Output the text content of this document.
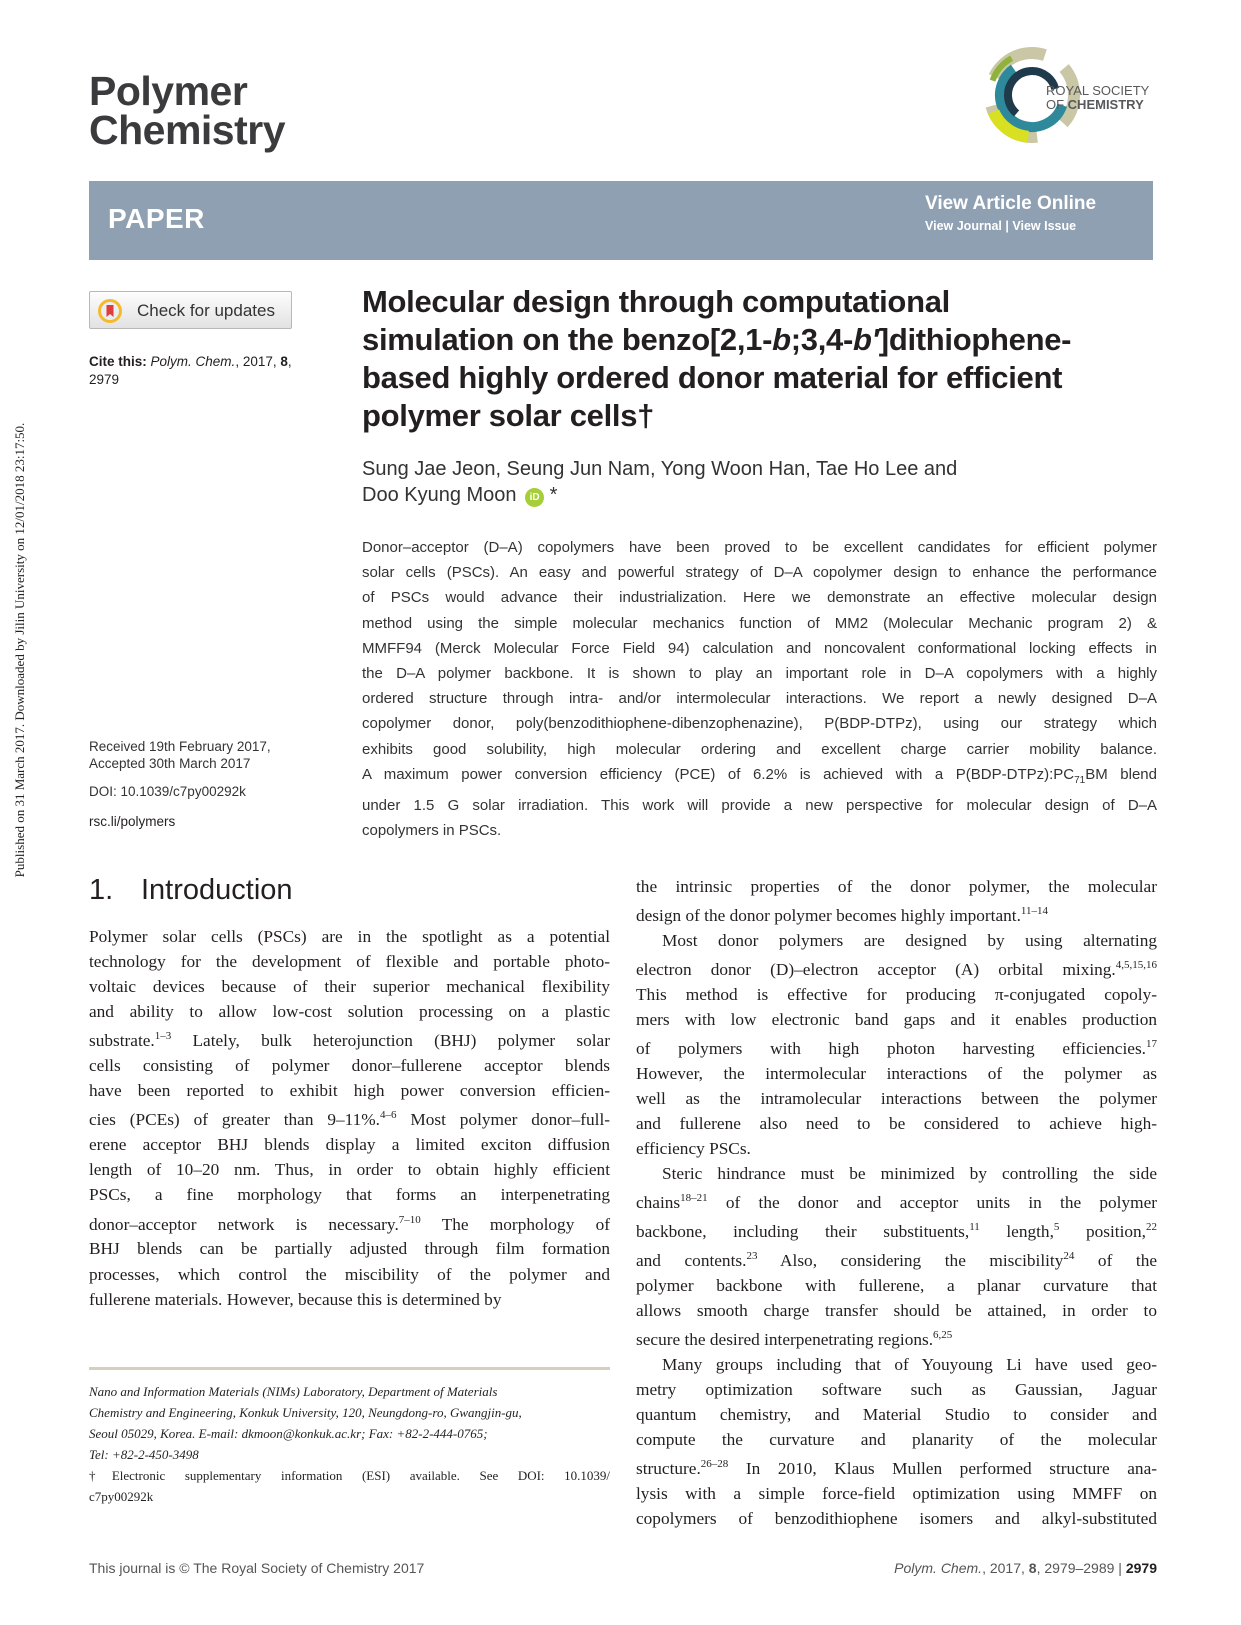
Published on 31 March 2017. Downloaded by Jilin University on 12/01/2018 23:17:50.
Polymer
Chemistry
ROYAL SOCIETY
OF CHEMISTRY
PAPER	View Article Online
View Journal | View Issue
Check for updates
Cite this: Polym. Chem., 2017, 8,
2979
Received 19th February 2017,
Accepted 30th March 2017
DOI: 10.1039/c7py00292k
rsc.li/polymers
Molecular design through computational
simulation on the benzo[2,1-b;3,4-b′]dithiophene-
based highly ordered donor material for efficient
polymer solar cells†
Sung Jae Jeon, Seung Jun Nam, Yong Woon Han, Tae Ho Lee and
Doo Kyung Moon iD *
Donor–acceptor (D–A) copolymers have been proved to be excellent candidates for efficient polymer
solar cells (PSCs). An easy and powerful strategy of D–A copolymer design to enhance the performance
of PSCs would advance their industrialization. Here we demonstrate an effective molecular design
method using the simple molecular mechanics function of MM2 (Molecular Mechanic program 2) &
MMFF94 (Merck Molecular Force Field 94) calculation and noncovalent conformational locking effects in
the D–A polymer backbone. It is shown to play an important role in D–A copolymers with a highly
ordered structure through intra- and/or intermolecular interactions. We report a newly designed D–A
copolymer donor, poly(benzodithiophene-dibenzophenazine), P(BDP-DTPz), using our strategy which
exhibits good solubility, high molecular ordering and excellent charge carrier mobility balance.
A maximum power conversion efficiency (PCE) of 6.2% is achieved with a $P(BDP-DTPz):PC_{71}BM$ blend
under 1.5 G solar irradiation. This work will provide a new perspective for molecular design of D–A
copolymers in PSCs.
1. Introduction
Polymer solar cells (PSCs) are in the spotlight as a potential
technology for the development of flexible and portable photo-
voltaic devices because of their superior mechanical flexibility
and ability to allow low-cost solution processing on a plastic
substrate.$^{1-3}$ Lately, bulk heterojunction (BHJ) polymer solar
cells consisting of polymer donor–fullerene acceptor blends
have been reported to exhibit high power conversion efficien-
cies (PCEs) of greater than 9–11%.$^{4-6}$ Most polymer donor–full-
erene acceptor BHJ blends display a limited exciton diffusion
length of 10–20 nm. Thus, in order to obtain highly efficient
PSCs, a fine morphology that forms an interpenetrating
donor–acceptor network is necessary.$^{7-10}$ The morphology of
BHJ blends can be partially adjusted through film formation
processes, which control the miscibility of the polymer and
fullerene materials. However, because this is determined by
the intrinsic properties of the donor polymer, the molecular
design of the donor polymer becomes highly important.$^{11-14}$
Most donor polymers are designed by using alternating
electron donor (D)–electron acceptor (A) orbital mixing.$^{4,5,15,16}$
This method is effective for producing π-conjugated copoly-
mers with low electronic band gaps and it enables production
of polymers with high photon harvesting efficiencies.$^{17}$
However, the intermolecular interactions of the polymer as
well as the intramolecular interactions between the polymer
and fullerene also need to be considered to achieve high-
efficiency PSCs.
Steric hindrance must be minimized by controlling the side
chains$^{18-21}$ of the donor and acceptor units in the polymer
backbone, including their substituents,$^{11}$ length,$^5$ position,$^{22}$
and contents.$^{23}$ Also, considering the miscibility$^{24}$ of the
polymer backbone with fullerene, a planar curvature that
allows smooth charge transfer should be attained, in order to
secure the desired interpenetrating regions.$^{6,25}$
Many groups including that of Youyoung Li have used geo-
metry optimization software such as Gaussian, Jaguar
quantum chemistry, and Material Studio to consider and
compute the curvature and planarity of the molecular
structure.$^{26-28}$ In 2010, Klaus Mullen performed structure ana-
lysis with a simple force-field optimization using MMFF on
copolymers of benzodithiophene isomers and alkyl-substituted
Nano and Information Materials (NIMs) Laboratory, Department of Materials
Chemistry and Engineering, Konkuk University, 120, Neungdong-ro, Gwangjin-gu,
Seoul 05029, Korea. E-mail: dkmoon@konkuk.ac.kr; Fax: +82-2-444-0765;
Tel: +82-2-450-3498
†Electronic supplementary information (ESI) available. See DOI: 10.1039/
c7py00292k
This journal is © The Royal Society of Chemistry 2017	Polym. Chem., 2017, 8, 2979–2989 | 2979
